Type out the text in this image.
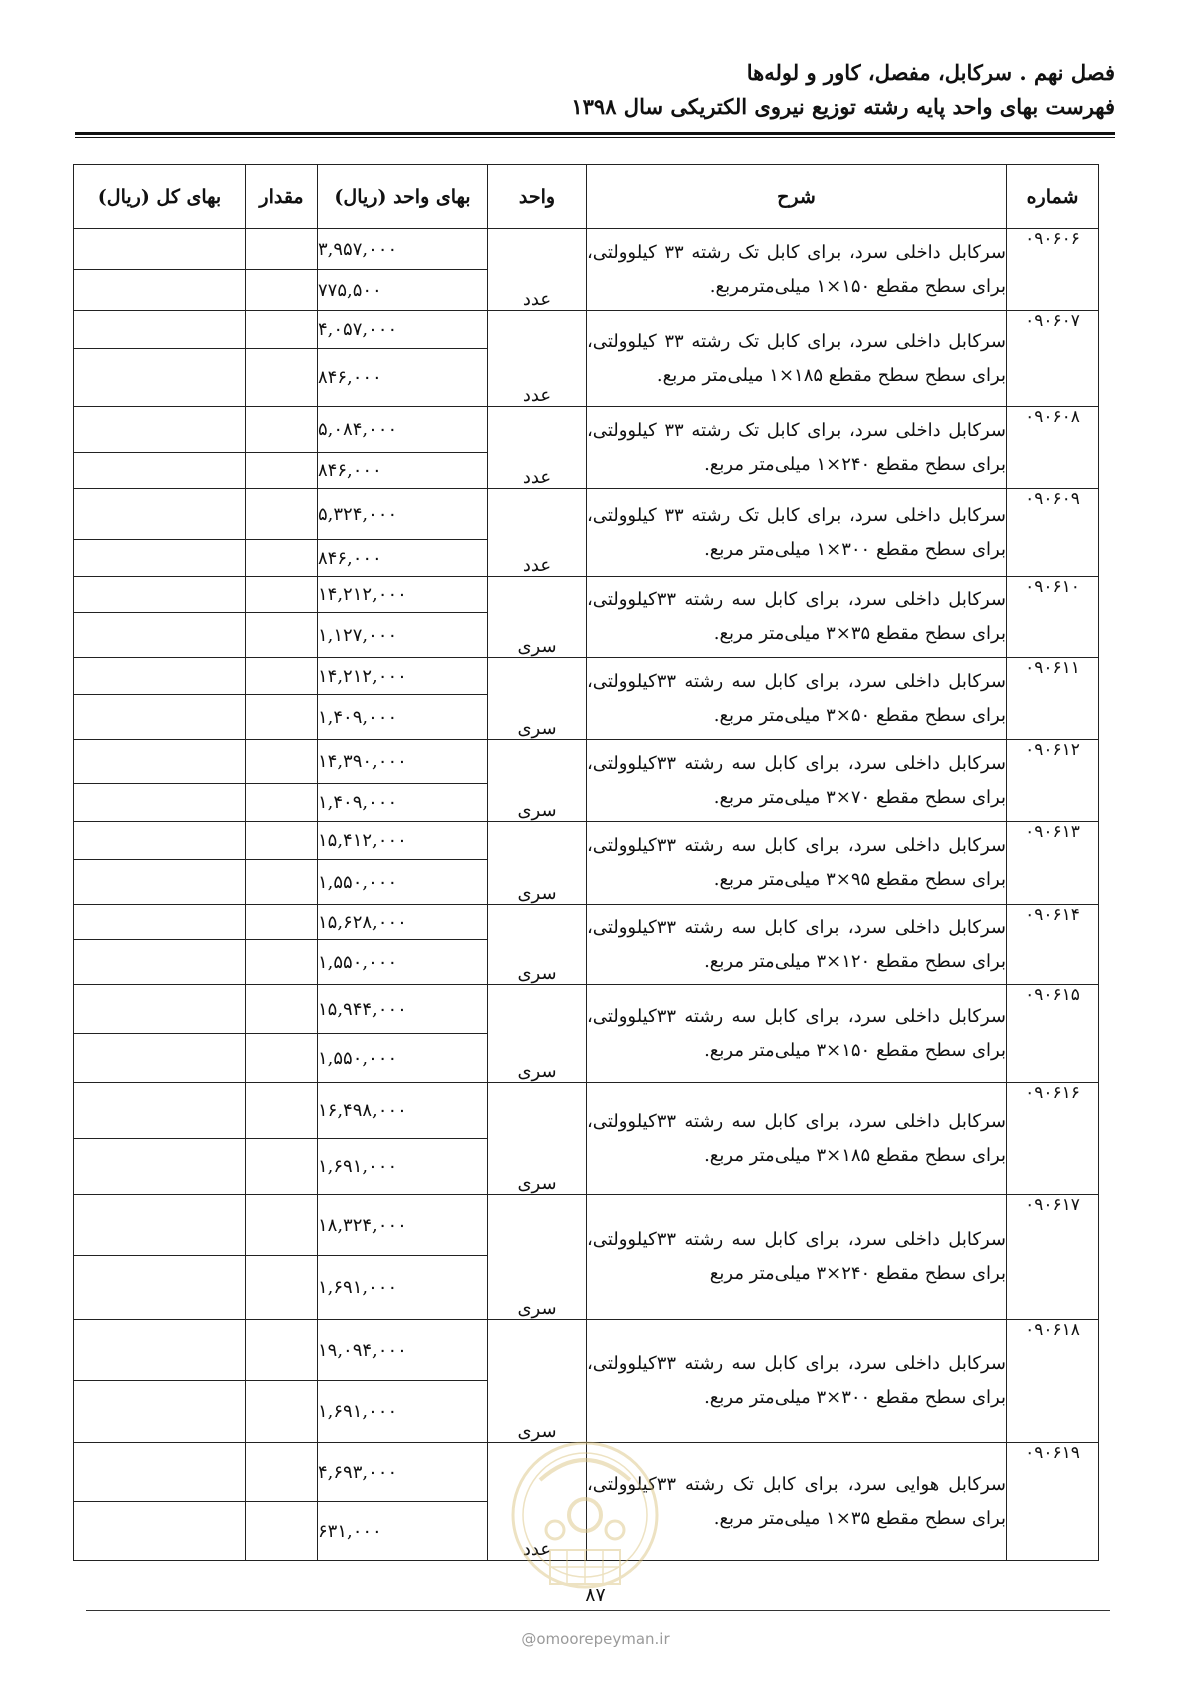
فصل نهم . سرکابل، مفصل، کاور و لوله‌ها
فهرست بهای واحد پایه رشته توزیع نیروی الکتریکی سال ۱۳۹۸
شماره	شرح	واحد	بهای واحد (ریال)	مقدار	بهای کل (ریال)
۰۹۰۶۰۶	سرکابل داخلی سرد، برای کابل تک رشته ۳۳ کیلوولتی، برای سطح مقطع ۱۵۰×۱ میلی‌مترمربع.	عدد	۳,۹۵۷,۰۰۰		
			۷۷۵,۵۰۰		
۰۹۰۶۰۷	سرکابل داخلی سرد، برای کابل تک رشته ۳۳ کیلوولتی، برای سطح سطح مقطع ۱۸۵×۱ میلی‌متر مربع.	عدد	۴,۰۵۷,۰۰۰		
			۸۴۶,۰۰۰		
۰۹۰۶۰۸	سرکابل داخلی سرد، برای کابل تک رشته ۳۳ کیلوولتی، برای سطح مقطع ۲۴۰×۱ میلی‌متر مربع.	عدد	۵,۰۸۴,۰۰۰		
			۸۴۶,۰۰۰		
۰۹۰۶۰۹	سرکابل داخلی سرد، برای کابل تک رشته ۳۳ کیلوولتی، برای سطح مقطع ۳۰۰×۱ میلی‌متر مربع.	عدد	۵,۳۲۴,۰۰۰		
			۸۴۶,۰۰۰		
۰۹۰۶۱۰	سرکابل داخلی سرد، برای کابل سه رشته ۳۳کیلوولتی، برای سطح مقطع ۳۵×۳ میلی‌متر مربع.	سری	۱۴,۲۱۲,۰۰۰		
			۱,۱۲۷,۰۰۰		
۰۹۰۶۱۱	سرکابل داخلی سرد، برای کابل سه رشته ۳۳کیلوولتی، برای سطح مقطع ۵۰×۳ میلی‌متر مربع.	سری	۱۴,۲۱۲,۰۰۰		
			۱,۴۰۹,۰۰۰		
۰۹۰۶۱۲	سرکابل داخلی سرد، برای کابل سه رشته ۳۳کیلوولتی، برای سطح مقطع ۷۰×۳ میلی‌متر مربع.	سری	۱۴,۳۹۰,۰۰۰		
			۱,۴۰۹,۰۰۰		
۰۹۰۶۱۳	سرکابل داخلی سرد، برای کابل سه رشته ۳۳کیلوولتی، برای سطح مقطع ۹۵×۳ میلی‌متر مربع.	سری	۱۵,۴۱۲,۰۰۰		
			۱,۵۵۰,۰۰۰		
۰۹۰۶۱۴	سرکابل داخلی سرد، برای کابل سه رشته ۳۳کیلوولتی، برای سطح مقطع ۱۲۰×۳ میلی‌متر مربع.	سری	۱۵,۶۲۸,۰۰۰		
			۱,۵۵۰,۰۰۰		
۰۹۰۶۱۵	سرکابل داخلی سرد، برای کابل سه رشته ۳۳کیلوولتی، برای سطح مقطع ۱۵۰×۳ میلی‌متر مربع.	سری	۱۵,۹۴۴,۰۰۰		
			۱,۵۵۰,۰۰۰		
۰۹۰۶۱۶	سرکابل داخلی سرد، برای کابل سه رشته ۳۳کیلوولتی، برای سطح مقطع ۱۸۵×۳ میلی‌متر مربع.	سری	۱۶,۴۹۸,۰۰۰		
			۱,۶۹۱,۰۰۰		
۰۹۰۶۱۷	سرکابل داخلی سرد، برای کابل سه رشته ۳۳کیلوولتی، برای سطح مقطع ۲۴۰×۳ میلی‌متر مربع	سری	۱۸,۳۲۴,۰۰۰		
			۱,۶۹۱,۰۰۰		
۰۹۰۶۱۸	سرکابل داخلی سرد، برای کابل سه رشته ۳۳کیلوولتی، برای سطح مقطع ۳۰۰×۳ میلی‌متر مربع.	سری	۱۹,۰۹۴,۰۰۰		
			۱,۶۹۱,۰۰۰		
۰۹۰۶۱۹	سرکابل هوایی سرد، برای کابل تک رشته ۳۳کیلوولتی، برای سطح مقطع ۳۵×۱ میلی‌متر مربع.	عدد	۴,۶۹۳,۰۰۰		
			۶۳۱,۰۰۰		
۸۷
@omoorepeyman.ir
